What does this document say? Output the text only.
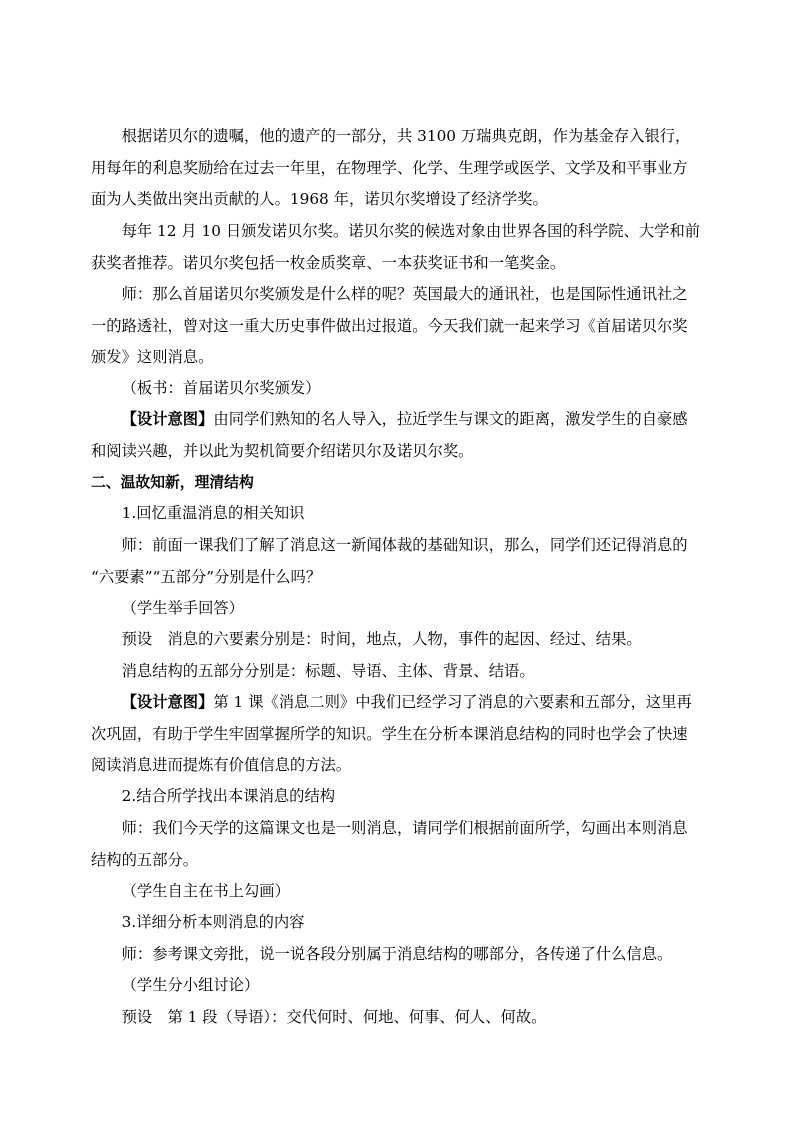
根据诺贝尔的遗嘱，他的遗产的一部分，共 3100 万瑞典克朗，作为基金存入银行，
用每年的利息奖励给在过去一年里，在物理学、化学、生理学或医学、文学及和平事业方
面为人类做出突出贡献的人。1968 年，诺贝尔奖增设了经济学奖。
每年 12 月 10 日颁发诺贝尔奖。诺贝尔奖的候选对象由世界各国的科学院、大学和前
获奖者推荐。诺贝尔奖包括一枚金质奖章、一本获奖证书和一笔奖金。
师：那么首届诺贝尔奖颁发是什么样的呢？英国最大的通讯社，也是国际性通讯社之
一的路透社，曾对这一重大历史事件做出过报道。今天我们就一起来学习《首届诺贝尔奖
颁发》这则消息。
（板书：首届诺贝尔奖颁发）
【设计意图】由同学们熟知的名人导入，拉近学生与课文的距离，激发学生的自豪感
和阅读兴趣，并以此为契机简要介绍诺贝尔及诺贝尔奖。
二、温故知新，理清结构
1.回忆重温消息的相关知识
师：前面一课我们了解了消息这一新闻体裁的基础知识，那么，同学们还记得消息的
“六要素”“五部分”分别是什么吗？
（学生举手回答）
预设　消息的六要素分别是：时间，地点，人物，事件的起因、经过、结果。
消息结构的五部分分别是：标题、导语、主体、背景、结语。
【设计意图】第 1 课《消息二则》中我们已经学习了消息的六要素和五部分，这里再
次巩固，有助于学生牢固掌握所学的知识。学生在分析本课消息结构的同时也学会了快速
阅读消息进而提炼有价值信息的方法。
2.结合所学找出本课消息的结构
师：我们今天学的这篇课文也是一则消息，请同学们根据前面所学，勾画出本则消息
结构的五部分。
（学生自主在书上勾画）
3.详细分析本则消息的内容
师：参考课文旁批，说一说各段分别属于消息结构的哪部分，各传递了什么信息。
（学生分小组讨论）
预设　第 1 段（导语）：交代何时、何地、何事、何人、何故。
